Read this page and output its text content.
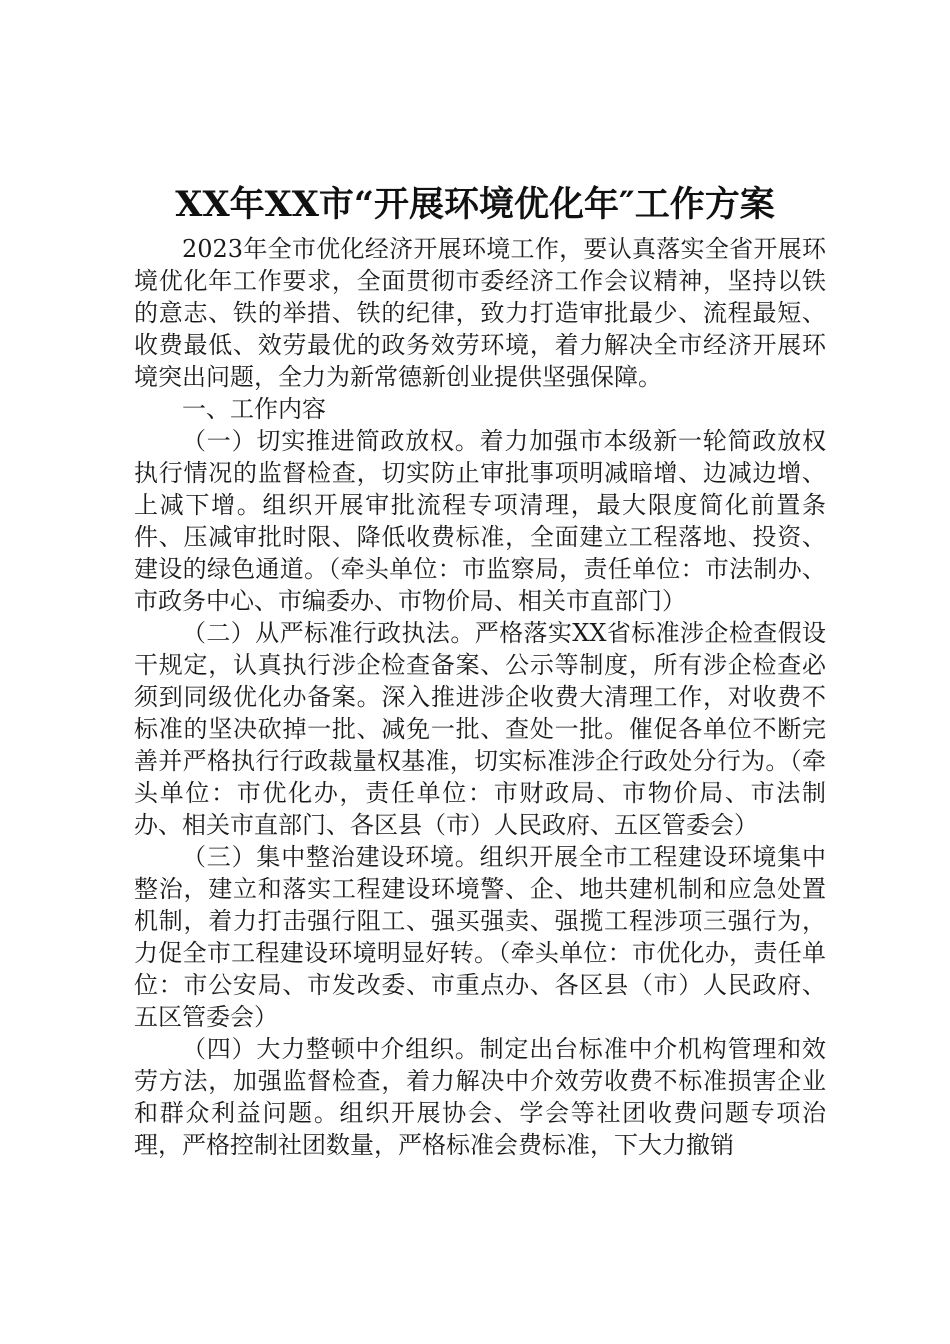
XX年XX市“开展环境优化年″工作方案

2023年全市优化经济开展环境工作，要认真落实全省开展环境优化年工作要求，全面贯彻市委经济工作会议精神，坚持以铁的意志、铁的举措、铁的纪律，致力打造审批最少、流程最短、收费最低、效劳最优的政务效劳环境，着力解决全市经济开展环境突出问题，全力为新常德新创业提供坚强保障。

一、工作内容

（一）切实推进简政放权。着力加强市本级新一轮简政放权执行情况的监督检查，切实防止审批事项明减暗增、边减边增、上减下增。组织开展审批流程专项清理，最大限度简化前置条件、压减审批时限、降低收费标准，全面建立工程落地、投资、建设的绿色通道。（牵头单位：市监察局，责任单位：市法制办、市政务中心、市编委办、市物价局、相关市直部门）

（二）从严标准行政执法。严格落实XX省标准涉企检查假设干规定，认真执行涉企检查备案、公示等制度，所有涉企检查必须到同级优化办备案。深入推进涉企收费大清理工作，对收费不标准的坚决砍掉一批、减免一批、查处一批。催促各单位不断完善并严格执行行政裁量权基准，切实标准涉企行政处分行为。（牵头单位：市优化办，责任单位：市财政局、市物价局、市法制办、相关市直部门、各区县（市）人民政府、五区管委会）

（三）集中整治建设环境。组织开展全市工程建设环境集中整治，建立和落实工程建设环境警、企、地共建机制和应急处置机制，着力打击强行阻工、强买强卖、强揽工程涉项三强行为，力促全市工程建设环境明显好转。（牵头单位：市优化办，责任单位：市公安局、市发改委、市重点办、各区县（市）人民政府、五区管委会）

（四）大力整顿中介组织。制定出台标准中介机构管理和效劳方法，加强监督检查，着力解决中介效劳收费不标准损害企业和群众利益问题。组织开展协会、学会等社团收费问题专项治理，严格控制社团数量，严格标准会费标准，下大力撤销
